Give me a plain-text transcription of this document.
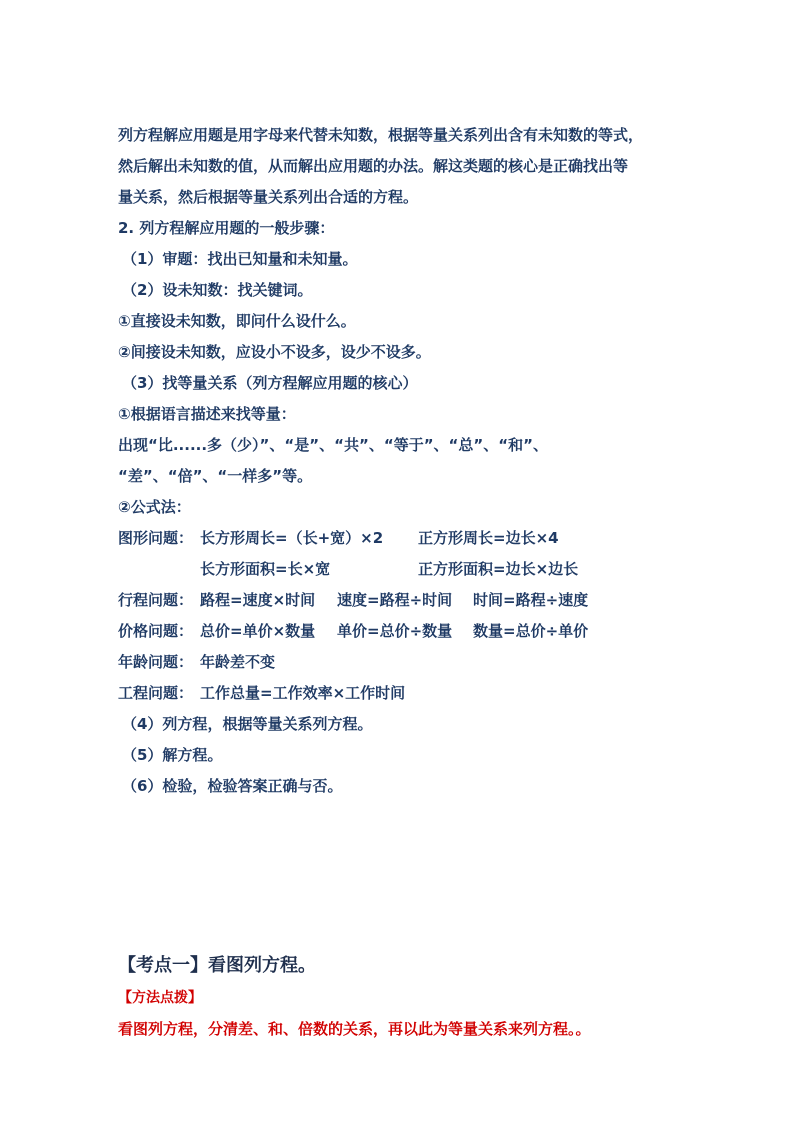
列方程解应用题是用字母来代替未知数，根据等量关系列出含有未知数的等式，
然后解出未知数的值，从而解出应用题的办法。解这类题的核心是正确找出等
量关系，然后根据等量关系列出合适的方程。
2. 列方程解应用题的一般步骤：
（1）审题：找出已知量和未知量。
（2）设未知数：找关键词。
①直接设未知数，即问什么设什么。
②间接设未知数，应设小不设多，设少不设多。
（3）找等量关系（列方程解应用题的核心）
①根据语言描述来找等量：
出现“比......多（少）”、“是”、“共”、“等于”、“总”、“和”、
“差”、“倍”、“一样多”等。
②公式法：
图形问题： 长方形周长=（长+宽）×2 正方形周长=边长×4
长方形面积=长×宽	正方形面积=边长×边长
行程问题： 路程=速度×时间 速度=路程÷时间 时间=路程÷速度
价格问题： 总价=单价×数量 单价=总价÷数量 数量=总价÷单价
年龄问题： 年龄差不变
工程问题： 工作总量=工作效率×工作时间
（4）列方程，根据等量关系列方程。
（5）解方程。
（6）检验，检验答案正确与否。
【考点一】看图列方程。
【方法点拨】
看图列方程，分清差、和、倍数的关系，再以此为等量关系来列方程。。
